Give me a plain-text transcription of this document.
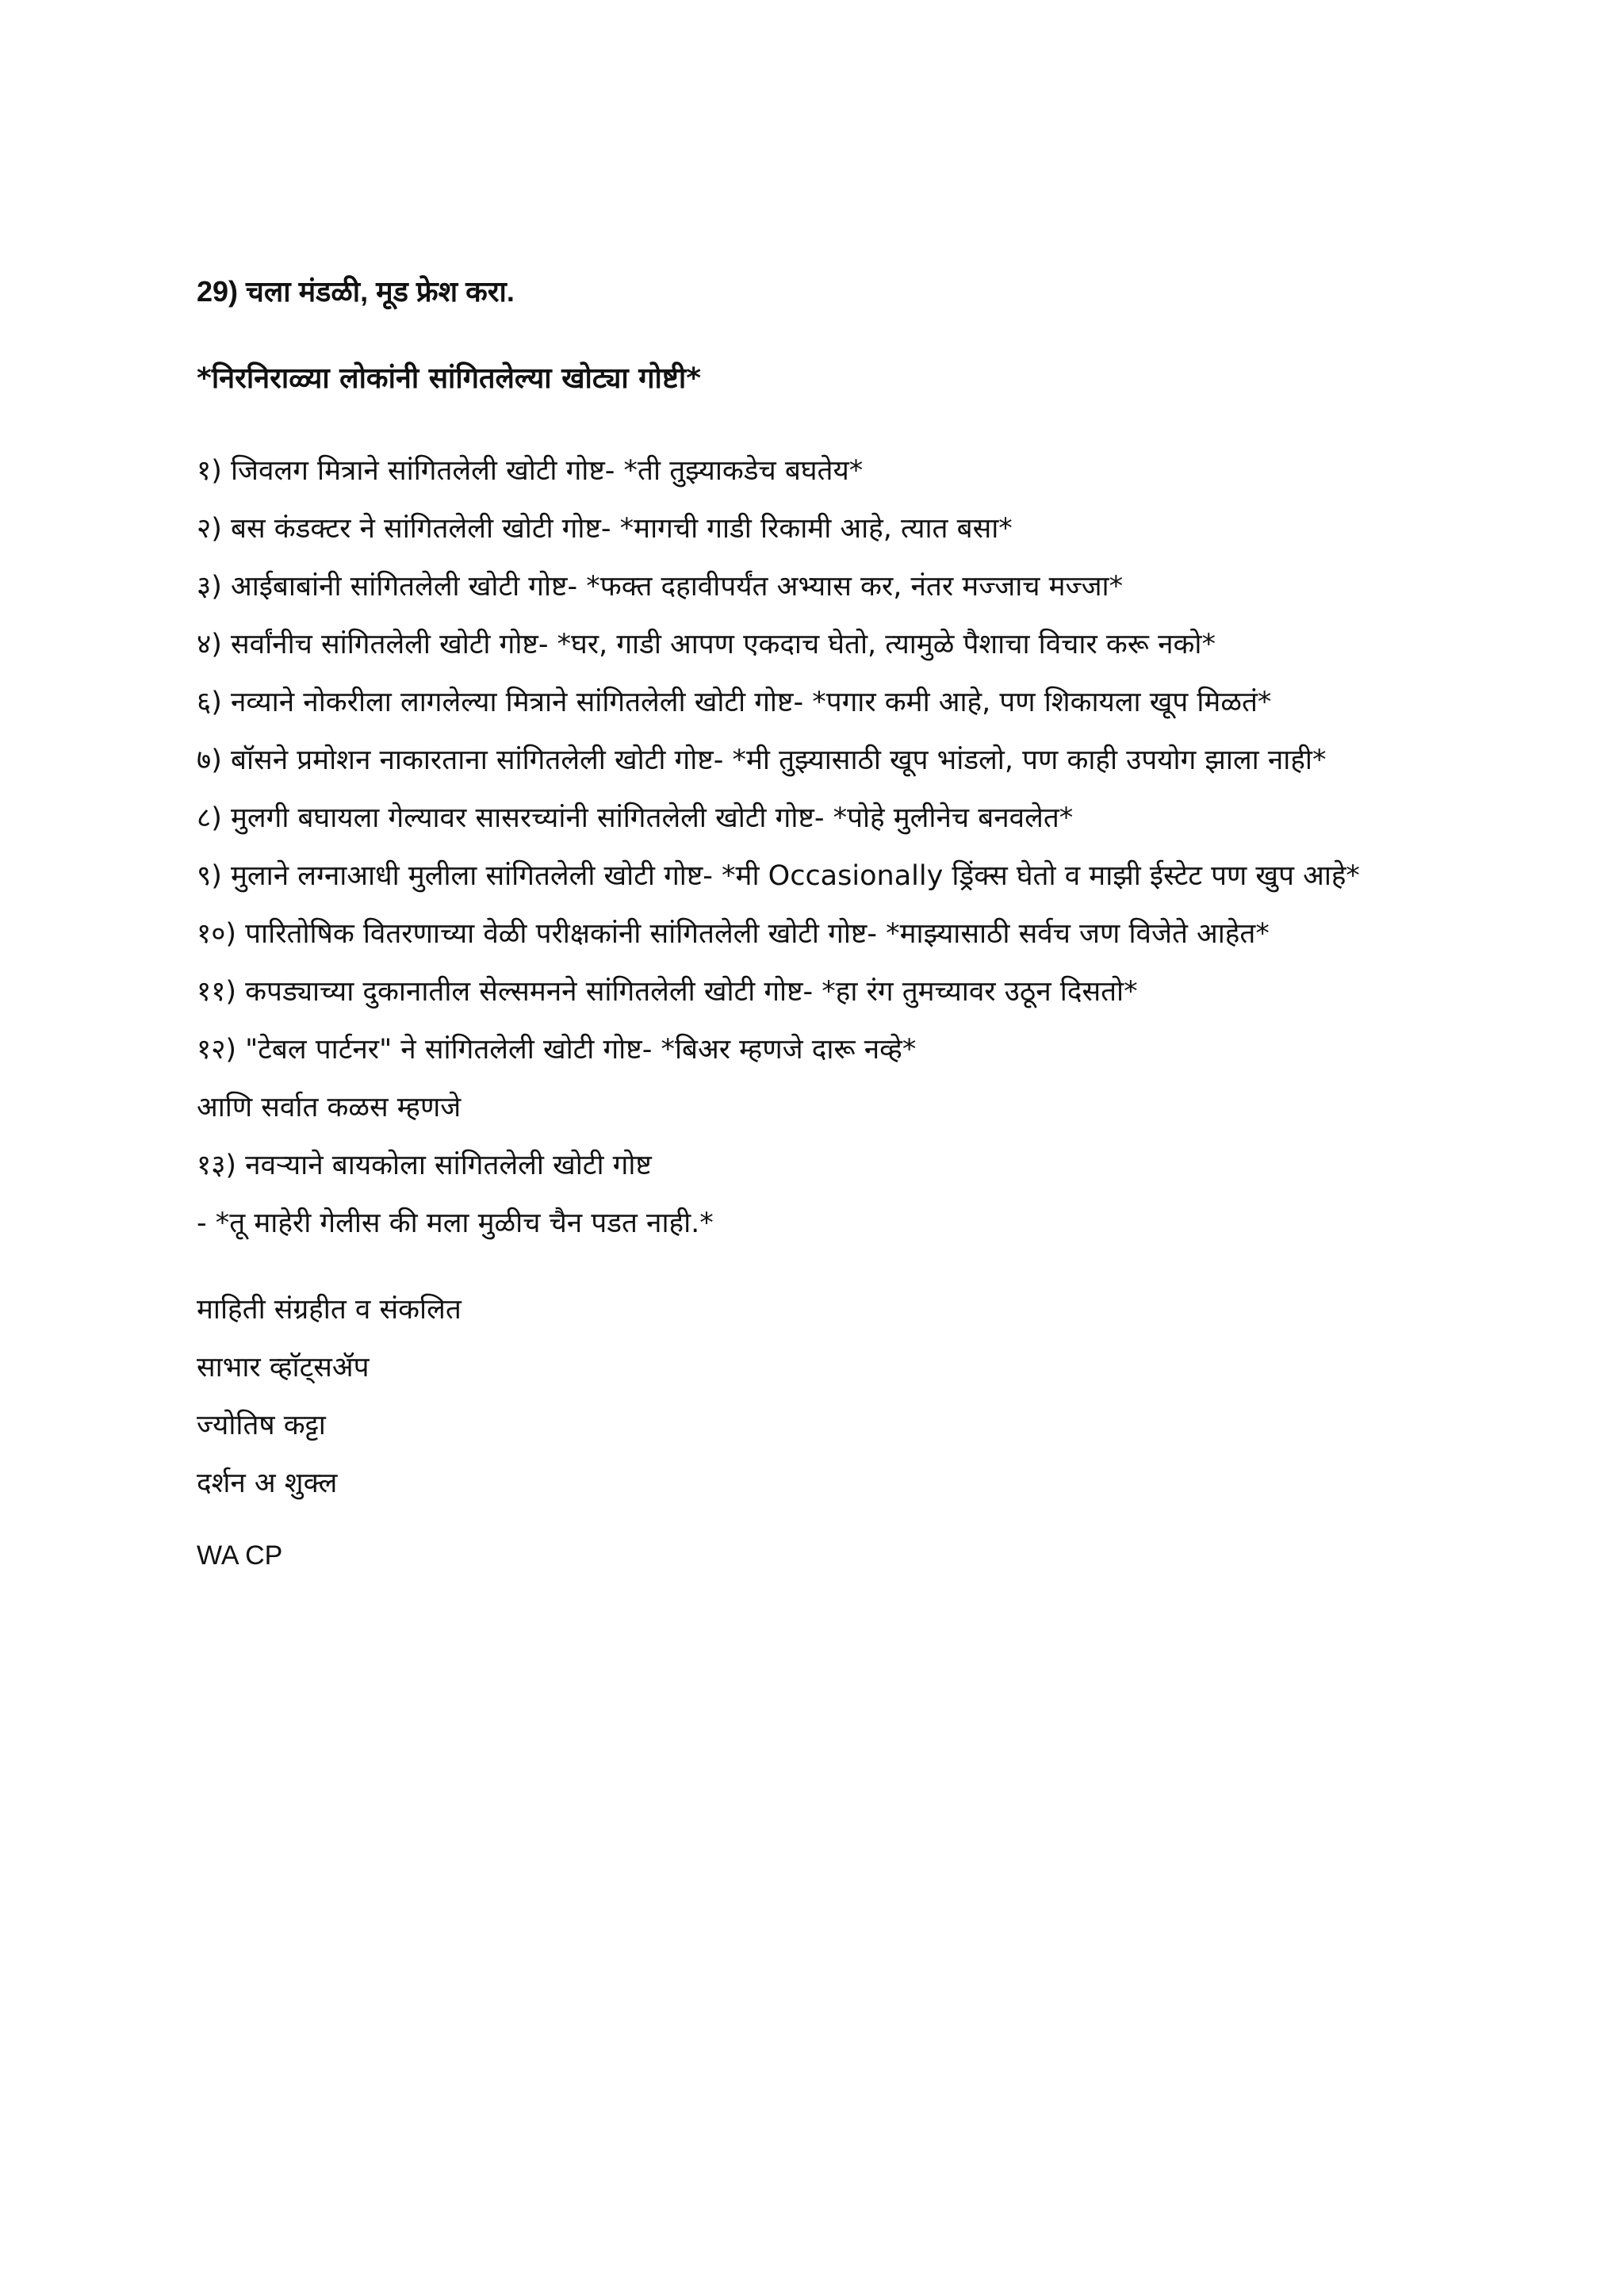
29) चला मंडळी, मूड फ्रेश करा.
*निरनिराळ्या लोकांनी सांगितलेल्या खोट्या गोष्टी*
१) जिवलग मित्राने सांगितलेली खोटी गोष्ट- *ती तुझ्याकडेच बघतेय*
२) बस कंडक्टर ने सांगितलेली खोटी गोष्ट- *मागची गाडी रिकामी आहे, त्यात बसा*
३) आईबाबांनी सांगितलेली खोटी गोष्ट- *फक्त दहावीपर्यंत अभ्यास कर, नंतर मज्जाच मज्जा*
४) सर्वांनीच सांगितलेली खोटी गोष्ट- *घर, गाडी आपण एकदाच घेतो, त्यामुळे पैशाचा विचार करू नको*
६) नव्याने नोकरीला लागलेल्या मित्राने सांगितलेली खोटी गोष्ट- *पगार कमी आहे, पण शिकायला खूप मिळतं*
७) बॉसने प्रमोशन नाकारताना सांगितलेली खोटी गोष्ट- *मी तुझ्यासाठी खूप भांडलो, पण काही उपयोग झाला नाही*
८) मुलगी बघायला गेल्यावर सासरच्यांनी सांगितलेली खोटी गोष्ट- *पोहे मुलीनेच बनवलेत*
९) मुलाने लग्नाआधी मुलीला सांगितलेली खोटी गोष्ट- *मी Occasionally ड्रिंक्स घेतो व माझी ईस्टेट पण खुप आहे*
१०) पारितोषिक वितरणाच्या वेळी परीक्षकांनी सांगितलेली खोटी गोष्ट- *माझ्यासाठी सर्वच जण विजेते आहेत*
११) कपड्याच्या दुकानातील सेल्समनने सांगितलेली खोटी गोष्ट- *हा रंग तुमच्यावर उठून दिसतो*
१२) "टेबल पार्टनर" ने सांगितलेली खोटी गोष्ट- *बिअर म्हणजे दारू नव्हे*
आणि सर्वात कळस म्हणजे
१३) नवऱ्याने बायकोला सांगितलेली खोटी गोष्ट
- *तू माहेरी गेलीस की मला मुळीच चैन पडत नाही.*
माहिती संग्रहीत व संकलित
साभार व्हाॅट्सॲप
ज्योतिष कट्टा
दर्शन अ शुक्ल
WA CP
